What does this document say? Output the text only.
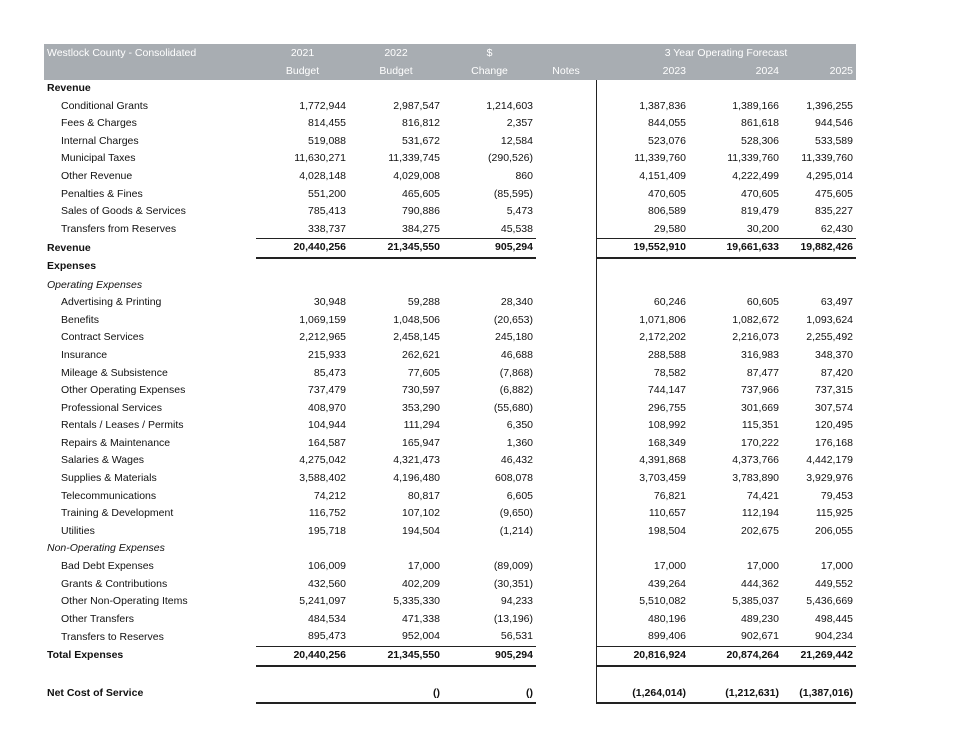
Westlock County - Consolidated	2021	2022	$		3 Year Operating Forecast		
	Budget	Budget	Change	Notes	2023	2024	2025
Revenue							
Conditional Grants	1,772,944	2,987,547	1,214,603		1,387,836	1,389,166	1,396,255
Fees & Charges	814,455	816,812	2,357		844,055	861,618	944,546
Internal Charges	519,088	531,672	12,584		523,076	528,306	533,589
Municipal Taxes	11,630,271	11,339,745	(290,526)		11,339,760	11,339,760	11,339,760
Other Revenue	4,028,148	4,029,008	860		4,151,409	4,222,499	4,295,014
Penalties & Fines	551,200	465,605	(85,595)		470,605	470,605	475,605
Sales of Goods & Services	785,413	790,886	5,473		806,589	819,479	835,227
Transfers from Reserves	338,737	384,275	45,538		29,580	30,200	62,430
Revenue	20,440,256	21,345,550	905,294		19,552,910	19,661,633	19,882,426
Expenses							
Operating Expenses							
Advertising & Printing	30,948	59,288	28,340		60,246	60,605	63,497
Benefits	1,069,159	1,048,506	(20,653)		1,071,806	1,082,672	1,093,624
Contract Services	2,212,965	2,458,145	245,180		2,172,202	2,216,073	2,255,492
Insurance	215,933	262,621	46,688		288,588	316,983	348,370
Mileage & Subsistence	85,473	77,605	(7,868)		78,582	87,477	87,420
Other Operating Expenses	737,479	730,597	(6,882)		744,147	737,966	737,315
Professional Services	408,970	353,290	(55,680)		296,755	301,669	307,574
Rentals / Leases / Permits	104,944	111,294	6,350		108,992	115,351	120,495
Repairs & Maintenance	164,587	165,947	1,360		168,349	170,222	176,168
Salaries & Wages	4,275,042	4,321,473	46,432		4,391,868	4,373,766	4,442,179
Supplies & Materials	3,588,402	4,196,480	608,078		3,703,459	3,783,890	3,929,976
Telecommunications	74,212	80,817	6,605		76,821	74,421	79,453
Training & Development	116,752	107,102	(9,650)		110,657	112,194	115,925
Utilities	195,718	194,504	(1,214)		198,504	202,675	206,055
Non-Operating Expenses							
Bad Debt Expenses	106,009	17,000	(89,009)		17,000	17,000	17,000
Grants & Contributions	432,560	402,209	(30,351)		439,264	444,362	449,552
Other Non-Operating Items	5,241,097	5,335,330	94,233		5,510,082	5,385,037	5,436,669
Other Transfers	484,534	471,338	(13,196)		480,196	489,230	498,445
Transfers to Reserves	895,473	952,004	56,531		899,406	902,671	904,234
Total Expenses	20,440,256	21,345,550	905,294		20,816,924	20,874,264	21,269,442

Net Cost of Service		()	()		(1,264,014)	(1,212,631)	(1,387,016)
